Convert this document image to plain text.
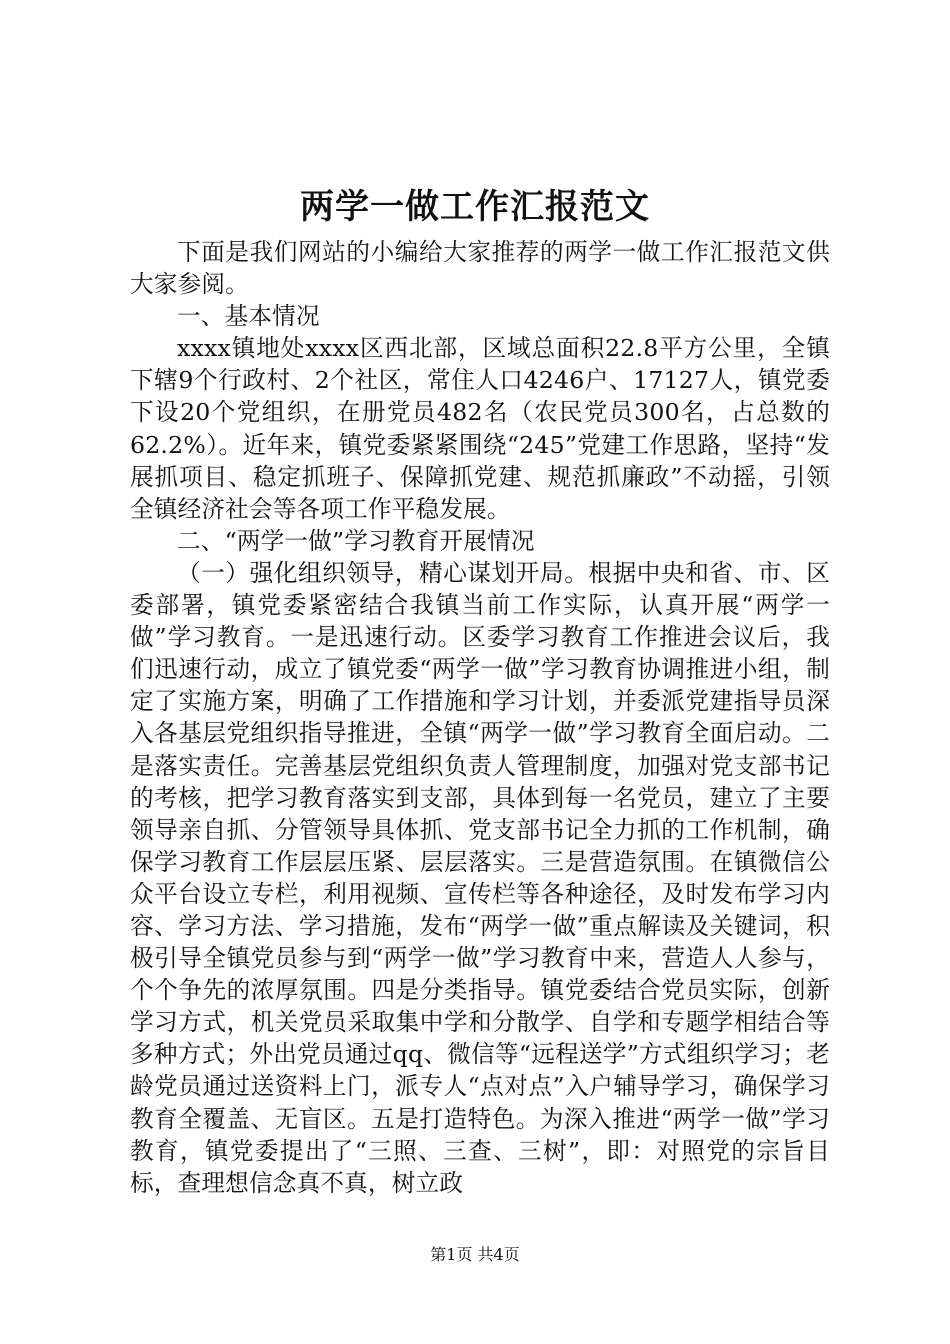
两学一做工作汇报范文

下面是我们网站的小编给大家推荐的两学一做工作汇报范文供大家参阅。

一、基本情况

xxxx镇地处xxxx区西北部，区域总面积22.8平方公里，全镇下辖9个行政村、2个社区，常住人口4246户、17127人，镇党委下设20个党组织，在册党员482名（农民党员300名，占总数的62.2%）。近年来，镇党委紧紧围绕“245”党建工作思路，坚持“发展抓项目、稳定抓班子、保障抓党建、规范抓廉政”不动摇，引领全镇经济社会等各项工作平稳发展。

二、“两学一做”学习教育开展情况

（一）强化组织领导，精心谋划开局。根据中央和省、市、区委部署，镇党委紧密结合我镇当前工作实际，认真开展“两学一做”学习教育。一是迅速行动。区委学习教育工作推进会议后，我们迅速行动，成立了镇党委“两学一做”学习教育协调推进小组，制定了实施方案，明确了工作措施和学习计划，并委派党建指导员深入各基层党组织指导推进，全镇“两学一做”学习教育全面启动。二是落实责任。完善基层党组织负责人管理制度，加强对党支部书记的考核，把学习教育落实到支部，具体到每一名党员，建立了主要领导亲自抓、分管领导具体抓、党支部书记全力抓的工作机制，确保学习教育工作层层压紧、层层落实。三是营造氛围。在镇微信公众平台设立专栏，利用视频、宣传栏等各种途径，及时发布学习内容、学习方法、学习措施，发布“两学一做”重点解读及关键词，积极引导全镇党员参与到“两学一做”学习教育中来，营造人人参与，个个争先的浓厚氛围。四是分类指导。镇党委结合党员实际，创新学习方式，机关党员采取集中学和分散学、自学和专题学相结合等多种方式；外出党员通过qq、微信等“远程送学”方式组织学习；老龄党员通过送资料上门，派专人“点对点”入户辅导学习，确保学习教育全覆盖、无盲区。五是打造特色。为深入推进“两学一做”学习教育，镇党委提出了“三照、三查、三树”，即：对照党的宗旨目标，查理想信念真不真，树立政

第1页 共4页
